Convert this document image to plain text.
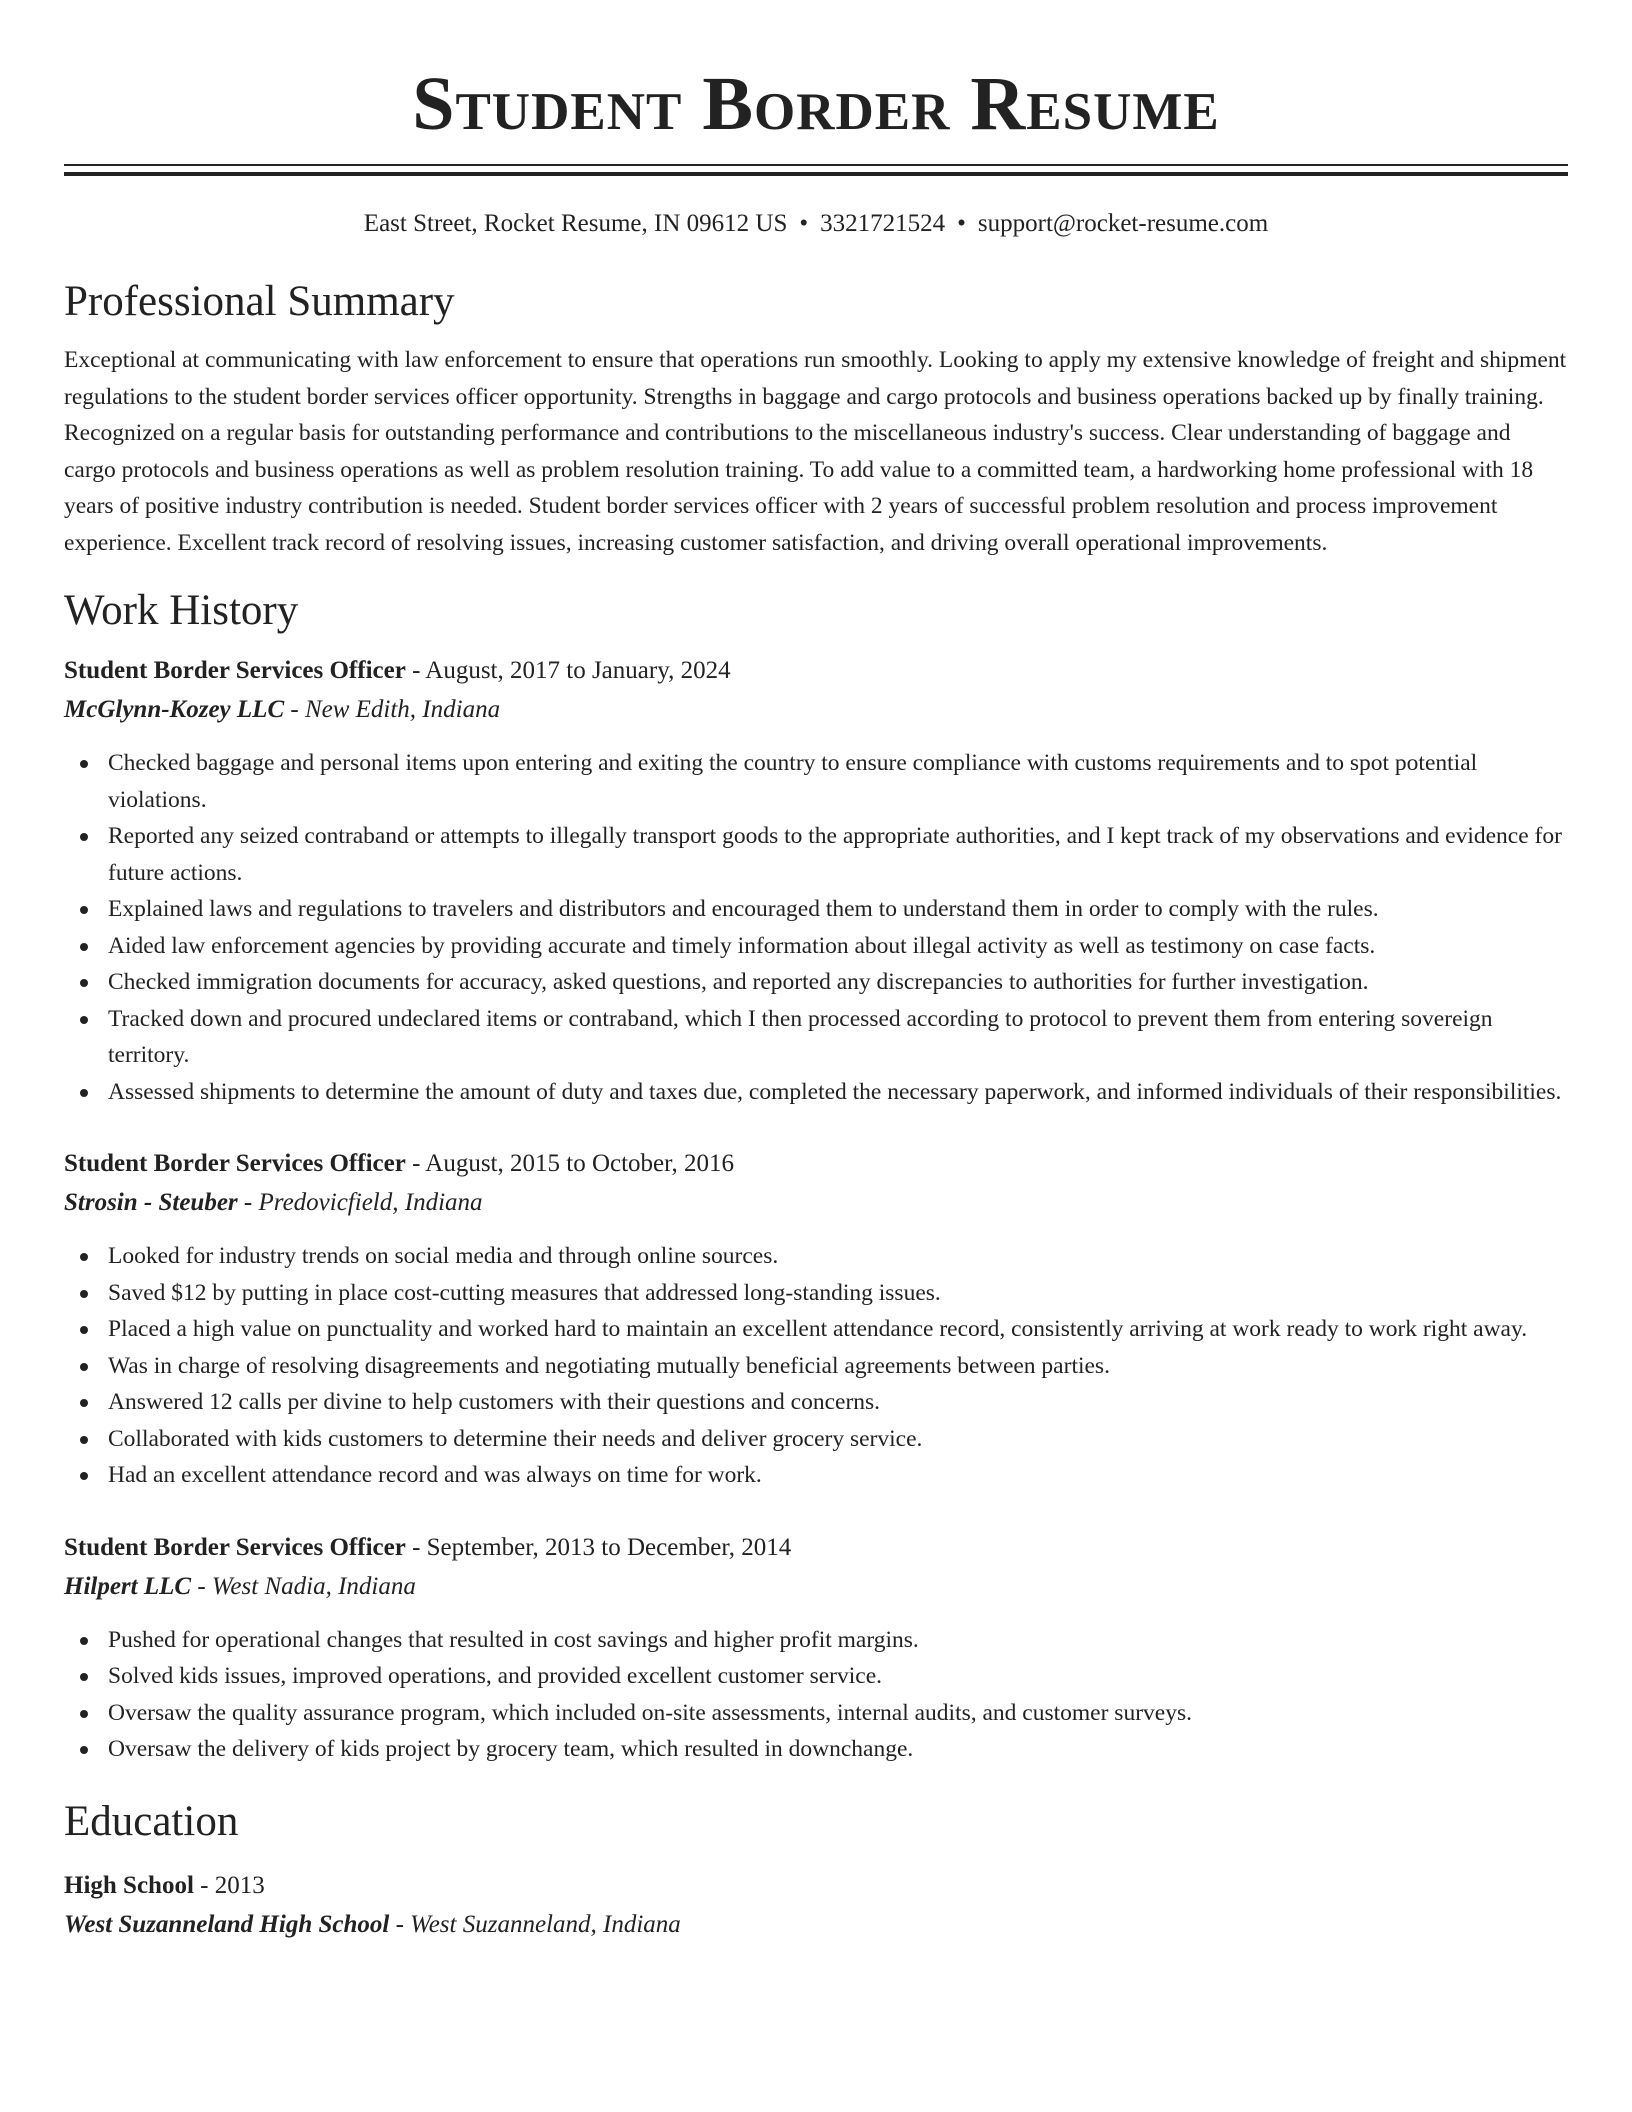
Student Border Resume
East Street, Rocket Resume, IN 09612 US • 3321721524 • support@rocket-resume.com
Professional Summary

Exceptional at communicating with law enforcement to ensure that operations run smoothly. Looking to apply my extensive knowledge of freight and shipment regulations to the student border services officer opportunity. Strengths in baggage and cargo protocols and business operations backed up by finally training. Recognized on a regular basis for outstanding performance and contributions to the miscellaneous industry's success. Clear understanding of baggage and cargo protocols and business operations as well as problem resolution training. To add value to a committed team, a hardworking home professional with 18 years of positive industry contribution is needed. Student border services officer with 2 years of successful problem resolution and process improvement experience. Excellent track record of resolving issues, increasing customer satisfaction, and driving overall operational improvements.

Work History
Student Border Services Officer - August, 2017 to January, 2024
McGlynn-Kozey LLC - New Edith, Indiana
Checked baggage and personal items upon entering and exiting the country to ensure compliance with customs requirements and to spot potential violations.
Reported any seized contraband or attempts to illegally transport goods to the appropriate authorities, and I kept track of my observations and evidence for future actions.
Explained laws and regulations to travelers and distributors and encouraged them to understand them in order to comply with the rules.
Aided law enforcement agencies by providing accurate and timely information about illegal activity as well as testimony on case facts.
Checked immigration documents for accuracy, asked questions, and reported any discrepancies to authorities for further investigation.
Tracked down and procured undeclared items or contraband, which I then processed according to protocol to prevent them from entering sovereign territory.
Assessed shipments to determine the amount of duty and taxes due, completed the necessary paperwork, and informed individuals of their responsibilities.
Student Border Services Officer - August, 2015 to October, 2016
Strosin - Steuber - Predovicfield, Indiana
Looked for industry trends on social media and through online sources.
Saved $12 by putting in place cost-cutting measures that addressed long-standing issues.
Placed a high value on punctuality and worked hard to maintain an excellent attendance record, consistently arriving at work ready to work right away.
Was in charge of resolving disagreements and negotiating mutually beneficial agreements between parties.
Answered 12 calls per divine to help customers with their questions and concerns.
Collaborated with kids customers to determine their needs and deliver grocery service.
Had an excellent attendance record and was always on time for work.
Student Border Services Officer - September, 2013 to December, 2014
Hilpert LLC - West Nadia, Indiana
Pushed for operational changes that resulted in cost savings and higher profit margins.
Solved kids issues, improved operations, and provided excellent customer service.
Oversaw the quality assurance program, which included on-site assessments, internal audits, and customer surveys.
Oversaw the delivery of kids project by grocery team, which resulted in downchange.
Education
High School - 2013
West Suzanneland High School - West Suzanneland, Indiana
